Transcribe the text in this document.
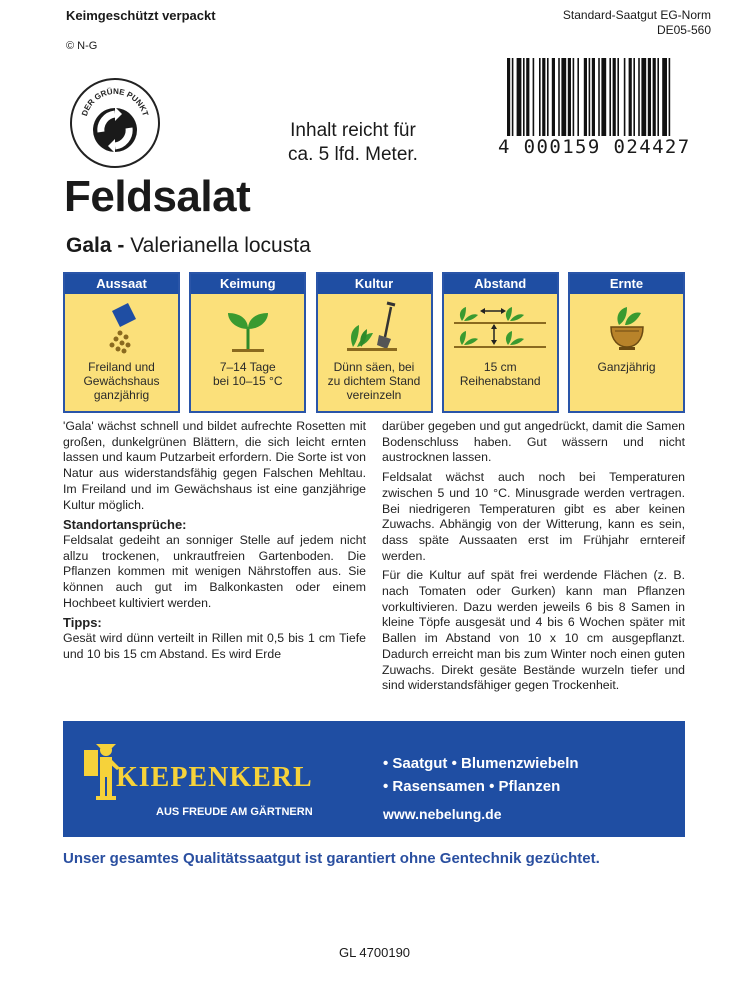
Keimgeschützt verpackt
© N-G
Standard-Saatgut EG-Norm
DE05-560
DER GRÜNE PUNKT
Inhalt reicht für
ca. 5 lfd. Meter.	4 000159 024427
Feldsalat
Gala - Valerianella locusta
Aussaat
Freiland und
Gewächshaus
ganzjährig
Keimung
7–14 Tage
bei 10–15 °C
Kultur
Dünn säen, bei
zu dichtem Stand
vereinzeln
Abstand
15 cm
Reihenabstand
Ernte
Ganzjährig

'Gala' wächst schnell und bildet aufrechte Rosetten mit großen, dunkelgrünen Blättern, die sich leicht ernten lassen und kaum Putzarbeit erfordern. Die Sorte ist von Natur aus widerstandsfähig gegen Falschen Mehltau. Im Freiland und im Gewächshaus ist eine ganzjährige Kultur möglich.

Standortansprüche:

Feldsalat gedeiht an sonniger Stelle auf jedem nicht allzu trockenen, unkrautfreien Gartenboden. Die Pflanzen kommen mit wenigen Nährstoffen aus. Sie können auch gut im Balkonkasten oder einem Hochbeet kultiviert werden.

Tipps:

Gesät wird dünn verteilt in Rillen mit 0,5 bis 1 cm Tiefe und 10 bis 15 cm Abstand. Es wird Erde

darüber gegeben und gut angedrückt, damit die Samen Bodenschluss haben. Gut wässern und nicht austrocknen lassen.

Feldsalat wächst auch noch bei Temperaturen zwischen 5 und 10 °C. Minusgrade werden vertragen. Bei niedrigeren Temperaturen gibt es aber keinen Zuwachs. Abhängig von der Witterung, kann es sein, dass späte Aussaaten erst im Frühjahr erntereif werden.

Für die Kultur auf spät frei werdende Flächen (z. B. nach Tomaten oder Gurken) kann man Pflanzen vorkultivieren. Dazu werden jeweils 6 bis 8 Samen in kleine Töpfe ausgesät und 4 bis 6 Wochen später mit Ballen im Abstand von 10 x 10 cm ausgepflanzt. Dadurch erreicht man bis zum Winter noch einen guten Zuwachs. Direkt gesäte Bestände wurzeln tiefer und sind widerstandsfähiger gegen Trockenheit.

KIEPENKERL
AUS FREUDE AM GÄRTNERN
• Saatgut • Blumenzwiebeln
• Rasensamen • Pflanzen
www.nebelung.de
Unser gesamtes Qualitätssaatgut ist garantiert ohne Gentechnik gezüchtet.
GL 4700190
